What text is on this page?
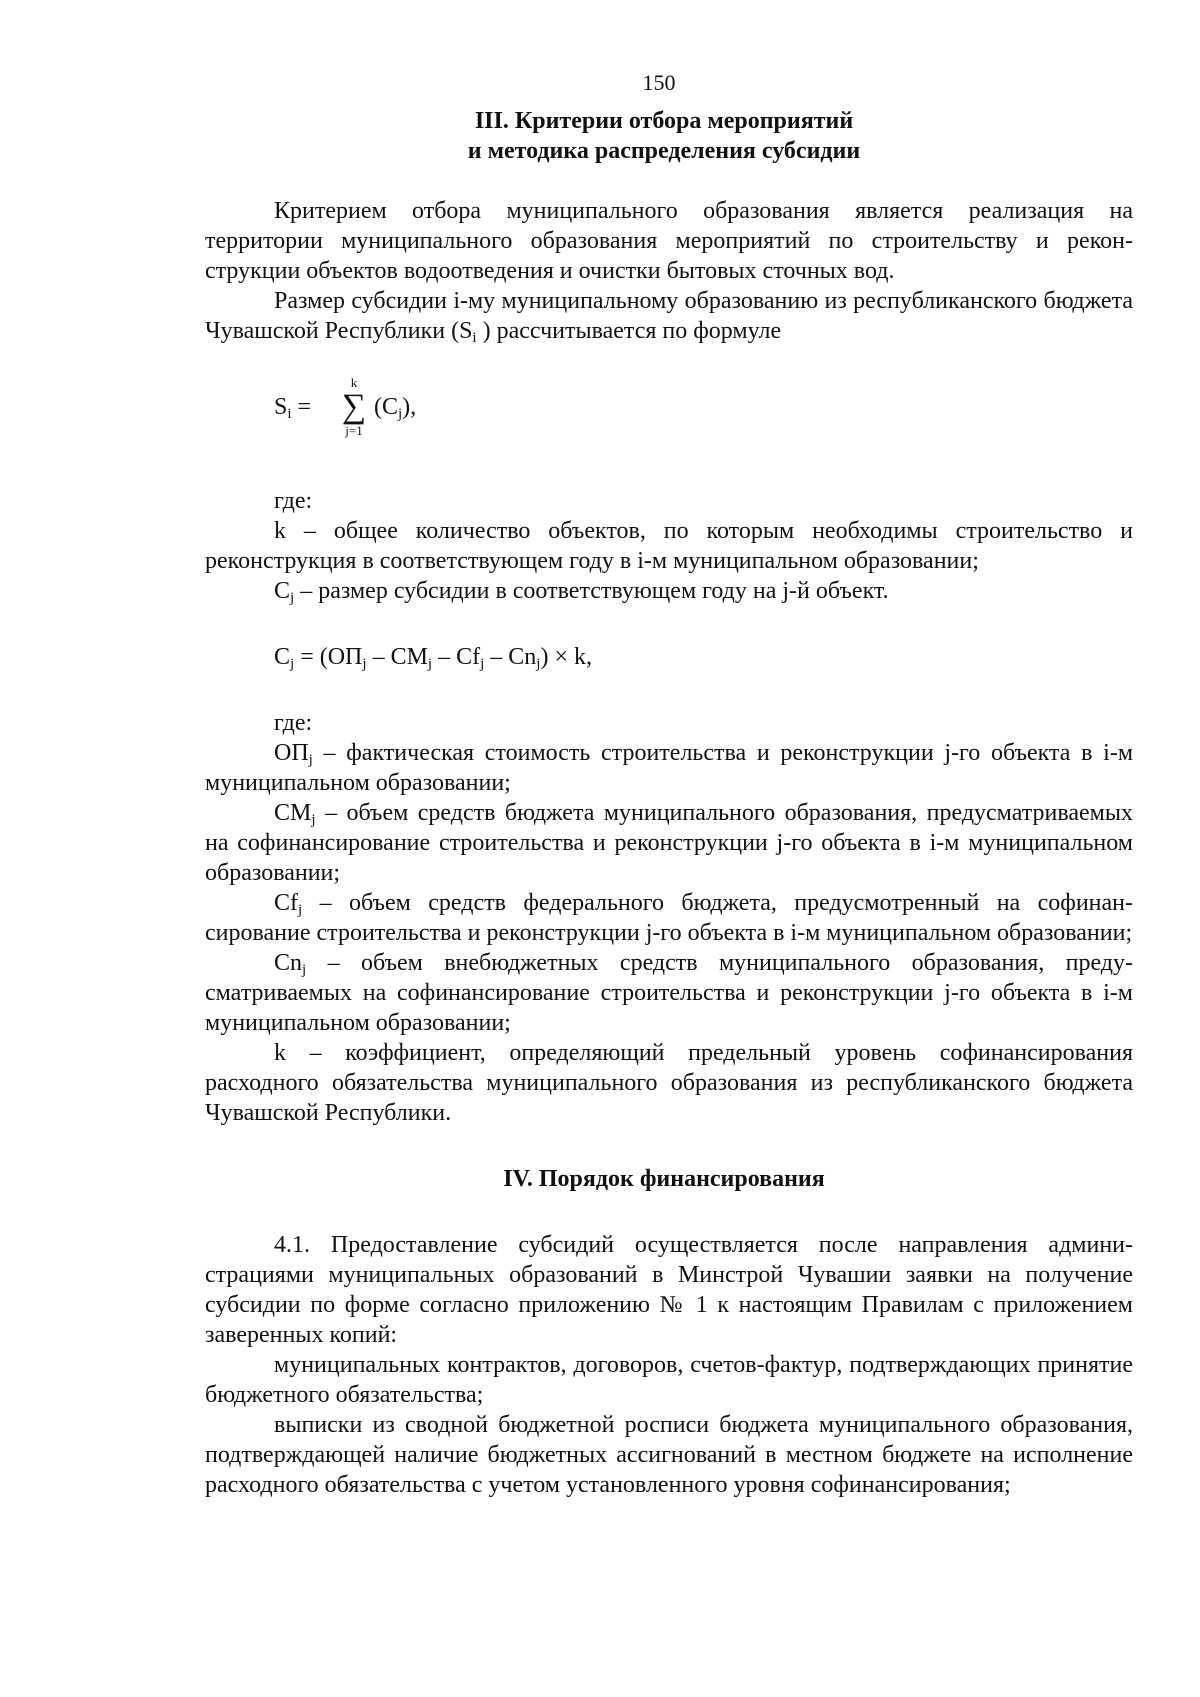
150
III. Критерии отбора мероприятий
и методика распределения субсидии

Критерием отбора муниципального образования является реализация на территории муниципального образования мероприятий по строительству и реконструкции объектов водоотведения и очистки бытовых сточных вод.

Размер субсидии i-му муниципальному образованию из республиканского бюджета Чувашской Республики ($S_i$ ) рассчитывается по формуле

$S_i$ =
k
∑
j=1
$(C_j)$,
где:

k – общее количество объектов, по которым необходимы строительство и реконструкция в соответствующем году в i-м муниципальном образовании;

$C_j$ – размер субсидии в соответствующем году на j-й объект.

$C_j = (ОП_j - СМ_j - Cf_j - Cn_j) \times k$,
где:

$ОП_j$ – фактическая стоимость строительства и реконструкции j-го объекта в i-м муниципальном образовании;

$СМ_j$ – объем средств бюджета муниципального образования, предусматриваемых на софинансирование строительства и реконструкции j-го объекта в i-м муниципальном образовании;

$Cf_j$ – объем средств федерального бюджета, предусмотренный на софинансирование строительства и реконструкции j-го объекта в i-м муниципальном образовании;

$Cn_j$ – объем внебюджетных средств муниципального образования, предусматриваемых на софинансирование строительства и реконструкции j-го объекта в i-м муниципальном образовании;

k – коэффициент, определяющий предельный уровень софинансирования расходного обязательства муниципального образования из республиканского бюджета Чувашской Республики.

IV. Порядок финансирования

4.1. Предоставление субсидий осуществляется после направления администрациями муниципальных образований в Минстрой Чувашии заявки на получение субсидии по форме согласно приложению № 1 к настоящим Правилам с приложением заверенных копий:

муниципальных контрактов, договоров, счетов-фактур, подтверждающих принятие бюджетного обязательства;

выписки из сводной бюджетной росписи бюджета муниципального образования, подтверждающей наличие бюджетных ассигнований в местном бюджете на исполнение расходного обязательства с учетом установленного уровня софинансирования;
